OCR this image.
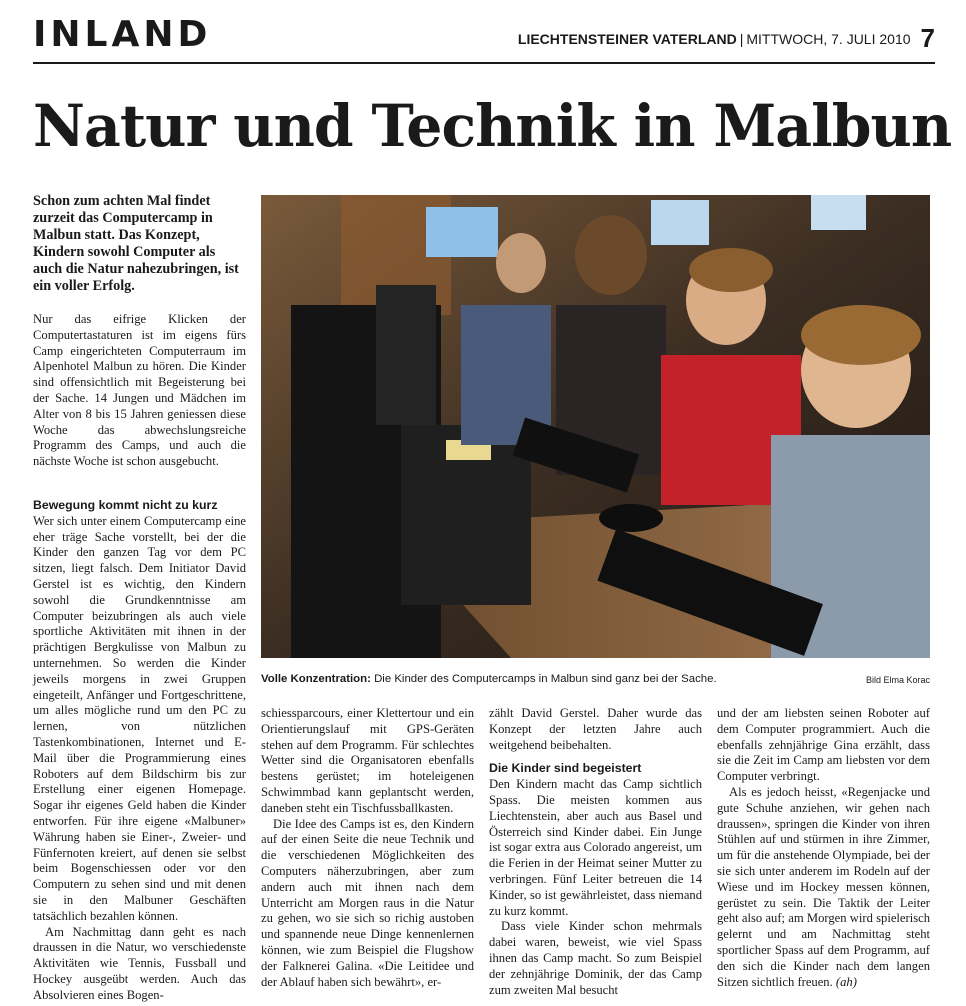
INLAND	LIECHTENSTEINER VATERLAND | MITTWOCH, 7. JULI 2010 7
Natur und Technik in Malbun

Schon zum achten Mal findet zurzeit das Computercamp in Malbun statt. Das Konzept, Kindern sowohl Computer als auch die Natur nahezubringen, ist ein voller Erfolg.

Nur das eifrige Klicken der Computertastaturen ist im eigens fürs Camp eingerichteten Computerraum im Alpenhotel Malbun zu hören. Die Kinder sind offensichtlich mit Begeisterung bei der Sache. 14 Jungen und Mädchen im Alter von 8 bis 15 Jahren geniessen diese Woche das abwechslungsreiche Programm des Camps, und auch die nächste Woche ist schon ausgebucht.

Bewegung kommt nicht zu kurz

Wer sich unter einem Computercamp eine eher träge Sache vorstellt, bei der die Kinder den ganzen Tag vor dem PC sitzen, liegt falsch. Dem Initiator David Gerstel ist es wichtig, den Kindern sowohl die Grundkenntnisse am Computer beizubringen als auch viele sportliche Aktivitäten mit ihnen in der prächtigen Bergkulisse von Malbun zu unternehmen. So werden die Kinder jeweils morgens in zwei Gruppen eingeteilt, Anfänger und Fortgeschrittene, um alles mögliche rund um den PC zu lernen, von nützlichen Tastenkombinationen, Internet und E-Mail über die Programmierung eines Roboters auf dem Bildschirm bis zur Erstellung einer eigenen Homepage. Sogar ihr eigenes Geld haben die Kinder entworfen. Für ihre eigene «Malbuner» Währung haben sie Einer-, Zweier- und Fünfernoten kreiert, auf denen sie selbst beim Bogenschiessen oder vor den Computern zu sehen sind und mit denen sie in den Malbuner Geschäften tatsächlich bezahlen können.

Am Nachmittag dann geht es nach draussen in die Natur, wo verschiedenste Aktivitäten wie Tennis, Fussball und Hockey ausgeübt werden. Auch das Absolvieren eines Bogen-

Volle Konzentration: Die Kinder des Computercamps in Malbun sind ganz bei der Sache.	Bild Elma Korac

schiessparcours, einer Klettertour und ein Orientierungslauf mit GPS-Geräten stehen auf dem Programm. Für schlechtes Wetter sind die Organisatoren ebenfalls bestens gerüstet; im hoteleigenen Schwimmbad kann geplantscht werden, daneben steht ein Tischfussballkasten.

Die Idee des Camps ist es, den Kindern auf der einen Seite die neue Technik und die verschiedenen Möglichkeiten des Computers näherzubringen, aber zum andern auch mit ihnen nach dem Unterricht am Morgen raus in die Natur zu gehen, wo sie sich so richig austoben und spannende neue Dinge kennenlernen können, wie zum Beispiel die Flugshow der Falknerei Galina. «Die Leitidee und der Ablauf haben sich bewährt», er-

zählt David Gerstel. Daher wurde das Konzept der letzten Jahre auch weitgehend beibehalten.

Die Kinder sind begeistert

Den Kindern macht das Camp sichtlich Spass. Die meisten kommen aus Liechtenstein, aber auch aus Basel und Österreich sind Kinder dabei. Ein Junge ist sogar extra aus Colorado angereist, um die Ferien in der Heimat seiner Mutter zu verbringen. Fünf Leiter betreuen die 14 Kinder, so ist gewährleistet, dass niemand zu kurz kommt.

Dass viele Kinder schon mehrmals dabei waren, beweist, wie viel Spass ihnen das Camp macht. So zum Beispiel der zehnjährige Dominik, der das Camp zum zweiten Mal besucht

und der am liebsten seinen Roboter auf dem Computer programmiert. Auch die ebenfalls zehnjährige Gina erzählt, dass sie die Zeit im Camp am liebsten vor dem Computer verbringt.

Als es jedoch heisst, «Regenjacke und gute Schuhe anziehen, wir gehen nach draussen», springen die Kinder von ihren Stühlen auf und stürmen in ihre Zimmer, um für die anstehende Olympiade, bei der sie sich unter anderem im Rodeln auf der Wiese und im Hockey messen können, gerüstet zu sein. Die Taktik der Leiter geht also auf; am Morgen wird spielerisch gelernt und am Nachmittag steht sportlicher Spass auf dem Programm, auf den sich die Kinder nach dem langen Sitzen sichtlich freuen. (ah)
